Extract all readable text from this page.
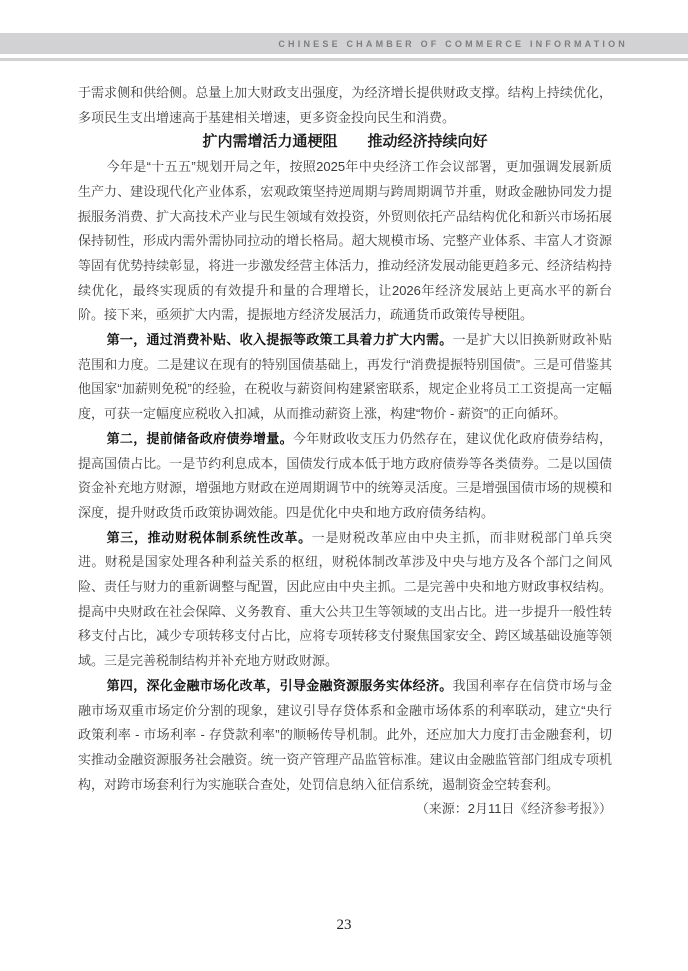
CHINESE CHAMBER OF COMMERCE INFORMATION

于需求侧和供给侧。总量上加大财政支出强度，为经济增长提供财政支撑。结构上持续优化，多项民生支出增速高于基建相关增速，更多资金投向民生和消费。

扩内需增活力通梗阻　　推动经济持续向好

今年是“十五五”规划开局之年，按照2025年中央经济工作会议部署，更加强调发展新质生产力、建设现代化产业体系，宏观政策坚持逆周期与跨周期调节并重，财政金融协同发力提振服务消费、扩大高技术产业与民生领域有效投资，外贸则依托产品结构优化和新兴市场拓展保持韧性，形成内需外需协同拉动的增长格局。超大规模市场、完整产业体系、丰富人才资源等固有优势持续彰显，将进一步激发经营主体活力，推动经济发展动能更趋多元、经济结构持续优化，最终实现质的有效提升和量的合理增长，让2026年经济发展站上更高水平的新台阶。接下来，亟须扩大内需，提振地方经济发展活力，疏通货币政策传导梗阻。

第一，通过消费补贴、收入提振等政策工具着力扩大内需。一是扩大以旧换新财政补贴范围和力度。二是建议在现有的特别国债基础上，再发行“消费提振特别国债”。三是可借鉴其他国家“加薪则免税”的经验，在税收与薪资间构建紧密联系，规定企业将员工工资提高一定幅度，可获一定幅度应税收入扣减，从而推动薪资上涨，构建“物价 - 薪资”的正向循环。

第二，提前储备政府债券增量。今年财政收支压力仍然存在，建议优化政府债券结构，提高国债占比。一是节约利息成本，国债发行成本低于地方政府债券等各类债券。二是以国债资金补充地方财源，增强地方财政在逆周期调节中的统筹灵活度。三是增强国债市场的规模和深度，提升财政货币政策协调效能。四是优化中央和地方政府债务结构。

第三，推动财税体制系统性改革。一是财税改革应由中央主抓，而非财税部门单兵突进。财税是国家处理各种利益关系的枢纽，财税体制改革涉及中央与地方及各个部门之间风险、责任与财力的重新调整与配置，因此应由中央主抓。二是完善中央和地方财政事权结构。提高中央财政在社会保障、义务教育、重大公共卫生等领域的支出占比。进一步提升一般性转移支付占比，减少专项转移支付占比，应将专项转移支付聚焦国家安全、跨区域基础设施等领域。三是完善税制结构并补充地方财政财源。

第四，深化金融市场化改革，引导金融资源服务实体经济。我国利率存在信贷市场与金融市场双重市场定价分割的现象，建议引导存贷体系和金融市场体系的利率联动，建立“央行政策利率 - 市场利率 - 存贷款利率”的顺畅传导机制。此外，还应加大力度打击金融套利，切实推动金融资源服务社会融资。统一资产管理产品监管标准。建议由金融监管部门组成专项机构，对跨市场套利行为实施联合查处，处罚信息纳入征信系统，遏制资金空转套利。

（来源：2月11日《经济参考报》）

23
